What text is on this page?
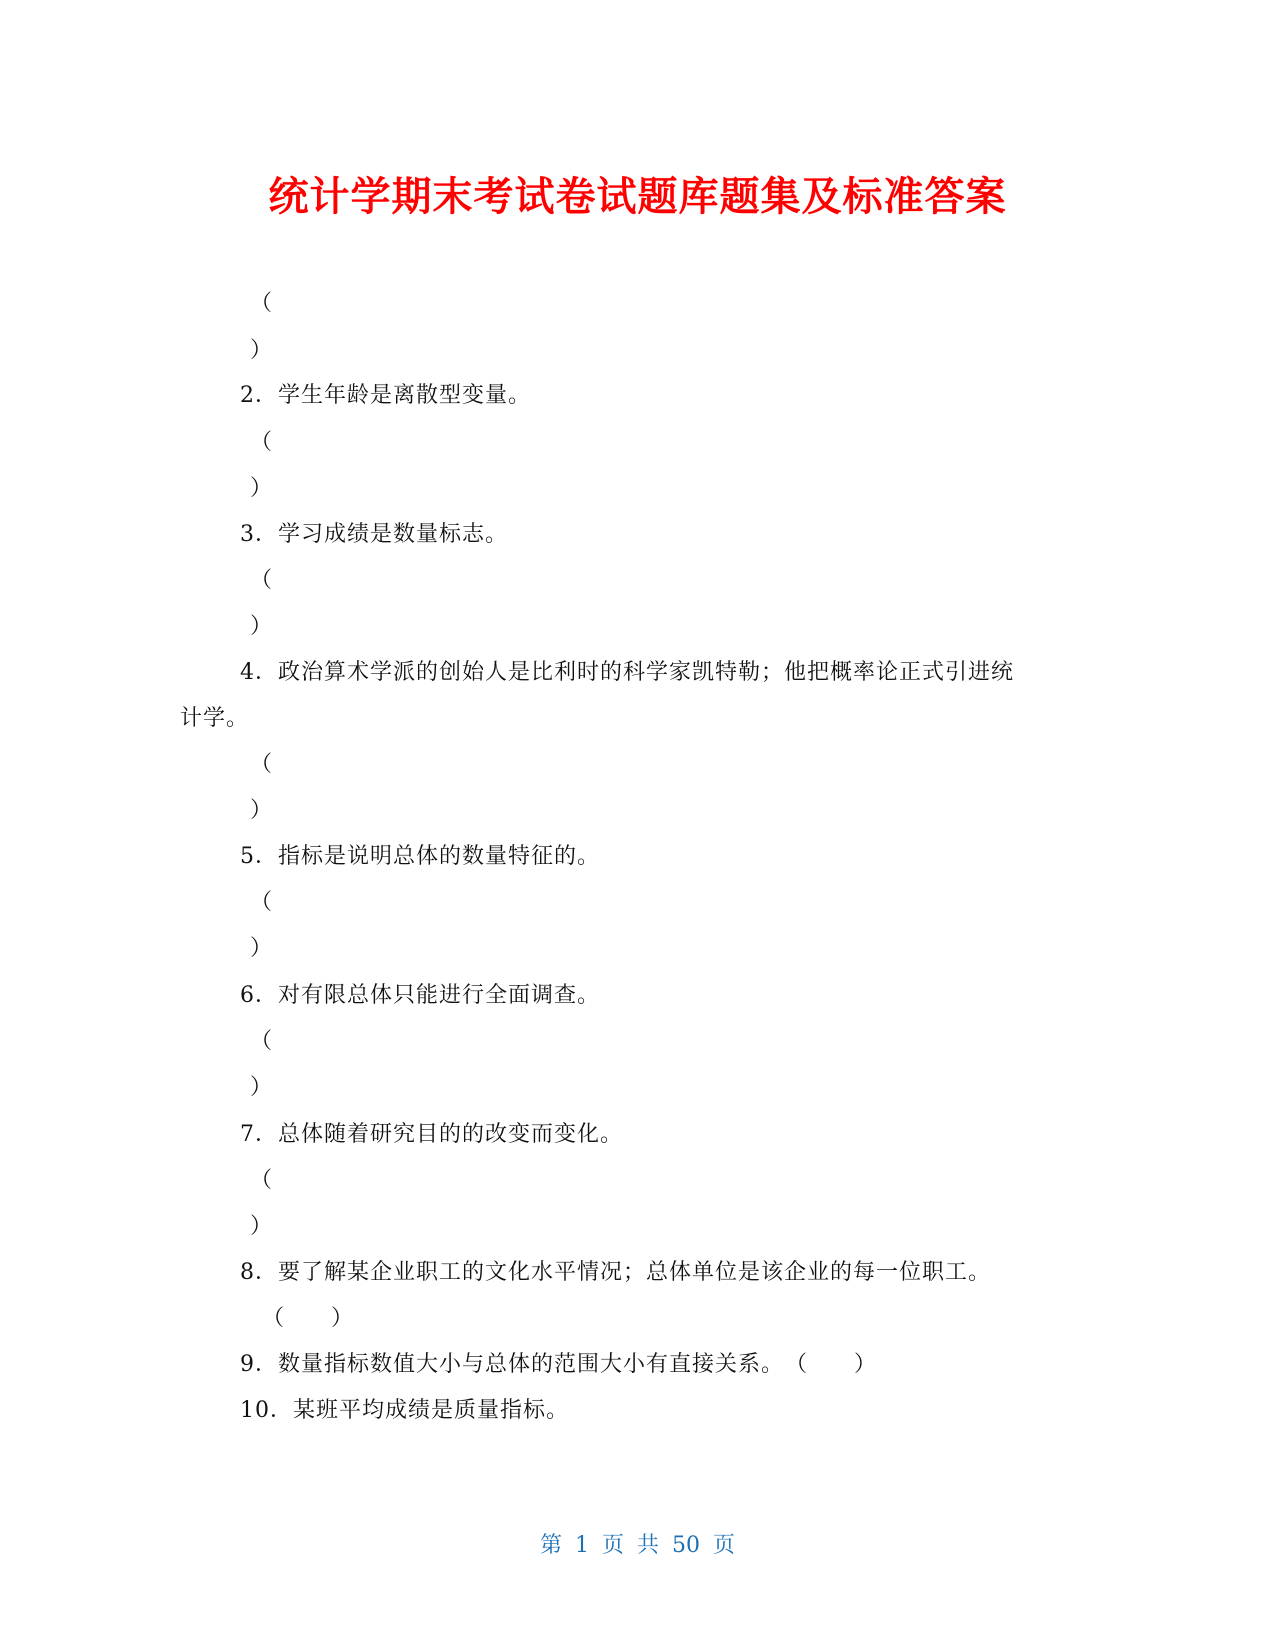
统计学期末考试卷试题库题集及标准答案
（
）
2．学生年龄是离散型变量。
（
）
3．学习成绩是数量标志。
（
）
4．政治算术学派的创始人是比利时的科学家凯特勒；他把概率论正式引进统
计学。
（
）
5．指标是说明总体的数量特征的。
（
）
6．对有限总体只能进行全面调查。
（
）
7．总体随着研究目的的改变而变化。
（
）
8．要了解某企业职工的文化水平情况；总体单位是该企业的每一位职工。
（　　）
9．数量指标数值大小与总体的范围大小有直接关系。　（　　）
10．某班平均成绩是质量指标。
第 1 页 共 50 页
